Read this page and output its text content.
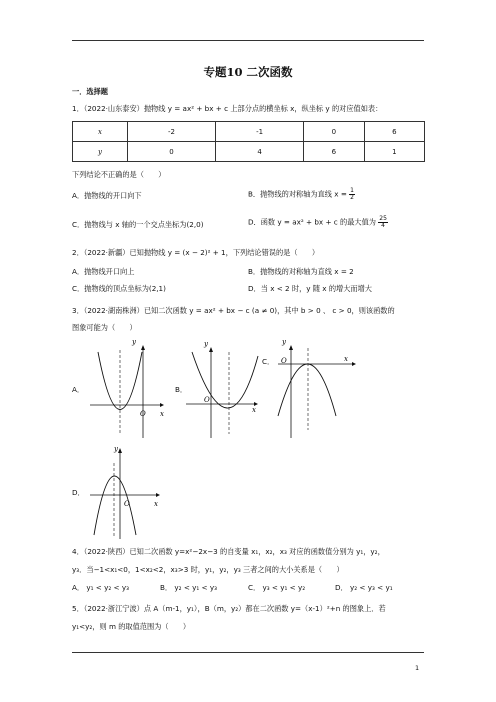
专题10 二次函数
一．选择题
1．（2022·山东泰安）抛物线 y = ax² + bx + c 上部分点的横坐标 x，纵坐标 y 的对应值如表：
x	-2	-1	0	6
y	0	4	6	1
下列结论不正确的是（　　）
A．抛物线的开口向下	B．抛物线的对称轴为直线 $x = \frac{1}{2}$
C．抛物线与 x 轴的一个交点坐标为(2,0)	D．函数 y = ax² + bx + c 的最大值为 $\frac{25}{4}$
2．（2022·新疆）已知抛物线 y = (x − 2)² + 1，下列结论错误的是（　　）
A．抛物线开口向上	B．抛物线的对称轴为直线 x = 2
C．抛物线的顶点坐标为(2,1)	D．当 x < 2 时，y 随 x 的增大而增大
3．（2022·湖南株洲）已知二次函数 y = ax² + bx − c (a ≠ 0)，其中 b > 0 、 c > 0，则该函数的
图象可能为（　　）
A．
y
x
O
B．
y
x
O
C．
y
x
O
D．
y
x
O
4．（2022·陕西）已知二次函数 y=x²−2x−3 的自变量 x₁，x₂，x₃ 对应的函数值分别为 y₁，y₂，
y₃．当−1<x₁<0，1<x₂<2，x₃>3 时，y₁，y₂，y₃ 三者之间的大小关系是（　　）
A． y₁ < y₂ < y₃	B． y₂ < y₁ < y₃	C． y₃ < y₁ < y₂	D． y₂ < y₃ < y₁
5．（2022·浙江宁波）点 A（m-1，y₁），B（m，y₂）都在二次函数 y=（x-1）²+n 的图象上．若
y₁<y₂，则 m 的取值范围为（　　）
1
